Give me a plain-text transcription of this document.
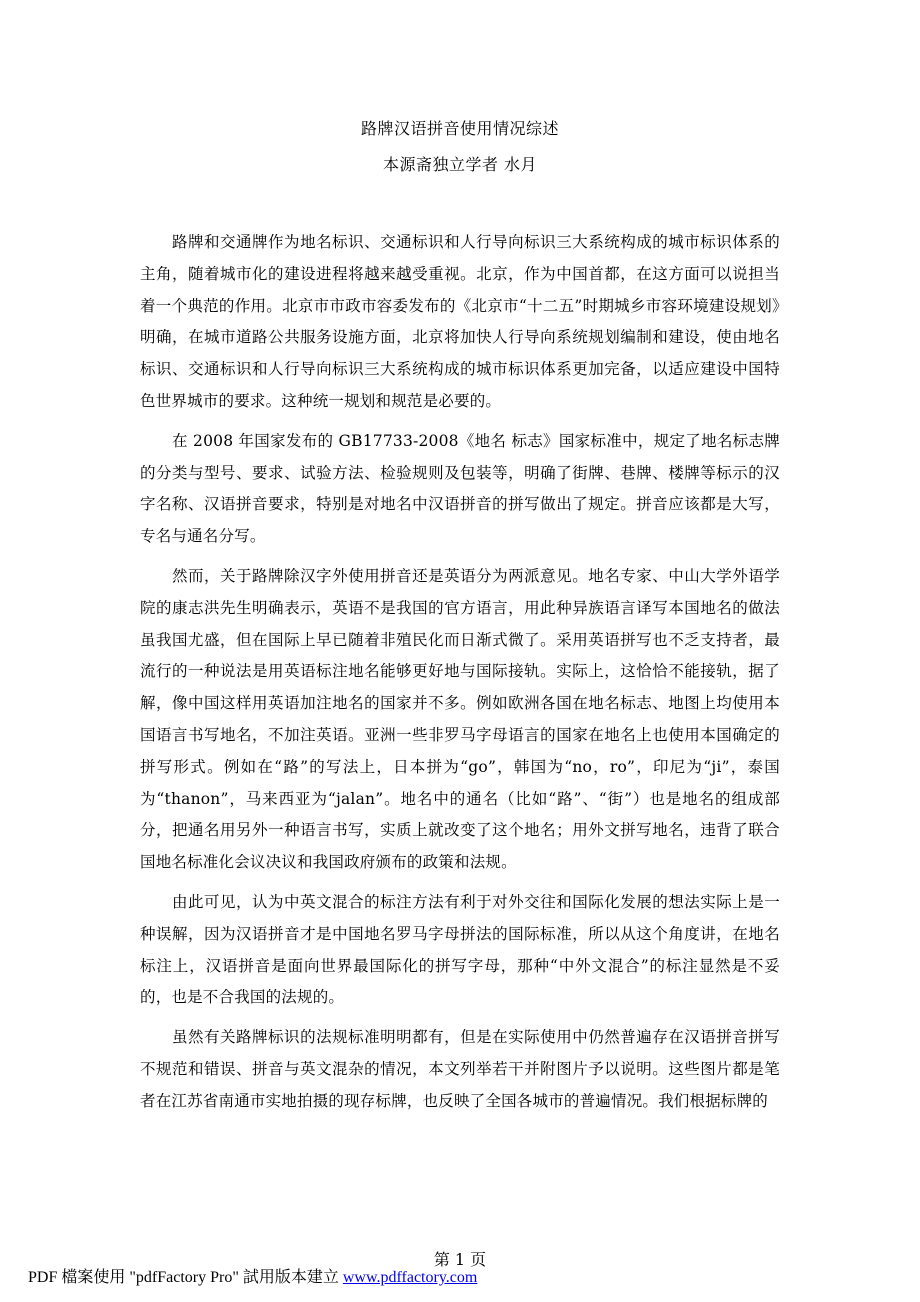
路牌汉语拼音使用情况综述
本源斋独立学者 水月

路牌和交通牌作为地名标识、交通标识和人行导向标识三大系统构成的城市标识体系的主角，随着城市化的建设进程将越来越受重视。北京，作为中国首都，在这方面可以说担当着一个典范的作用。北京市市政市容委发布的《北京市“十二五”时期城乡市容环境建设规划》明确，在城市道路公共服务设施方面，北京将加快人行导向系统规划编制和建设，使由地名标识、交通标识和人行导向标识三大系统构成的城市标识体系更加完备，以适应建设中国特色世界城市的要求。这种统一规划和规范是必要的。

在 2008 年国家发布的 GB17733-2008《地名 标志》国家标准中，规定了地名标志牌的分类与型号、要求、试验方法、检验规则及包装等，明确了街牌、巷牌、楼牌等标示的汉字名称、汉语拼音要求，特别是对地名中汉语拼音的拼写做出了规定。拼音应该都是大写，专名与通名分写。

然而，关于路牌除汉字外使用拼音还是英语分为两派意见。地名专家、中山大学外语学院的康志洪先生明确表示，英语不是我国的官方语言，用此种异族语言译写本国地名的做法虽我国尤盛，但在国际上早已随着非殖民化而日渐式微了。采用英语拼写也不乏支持者，最流行的一种说法是用英语标注地名能够更好地与国际接轨。实际上，这恰恰不能接轨，据了解，像中国这样用英语加注地名的国家并不多。例如欧洲各国在地名标志、地图上均使用本国语言书写地名，不加注英语。亚洲一些非罗马字母语言的国家在地名上也使用本国确定的拼写形式。例如在“路”的写法上，日本拼为“go”，韩国为“no，ro”，印尼为“ji”，泰国为“thanon”，马来西亚为“jalan”。地名中的通名（比如“路”、“街”）也是地名的组成部分，把通名用另外一种语言书写，实质上就改变了这个地名；用外文拼写地名，违背了联合国地名标准化会议决议和我国政府颁布的政策和法规。

由此可见，认为中英文混合的标注方法有利于对外交往和国际化发展的想法实际上是一种误解，因为汉语拼音才是中国地名罗马字母拼法的国际标准，所以从这个角度讲，在地名标注上，汉语拼音是面向世界最国际化的拼写字母，那种“中外文混合”的标注显然是不妥的，也是不合我国的法规的。

虽然有关路牌标识的法规标准明明都有，但是在实际使用中仍然普遍存在汉语拼音拼写不规范和错误、拼音与英文混杂的情况，本文列举若干并附图片予以说明。这些图片都是笔者在江苏省南通市实地拍摄的现存标牌，也反映了全国各城市的普遍情况。我们根据标牌的

第 1 页
PDF 檔案使用 "pdfFactory Pro" 試用版本建立 www.pdffactory.com
